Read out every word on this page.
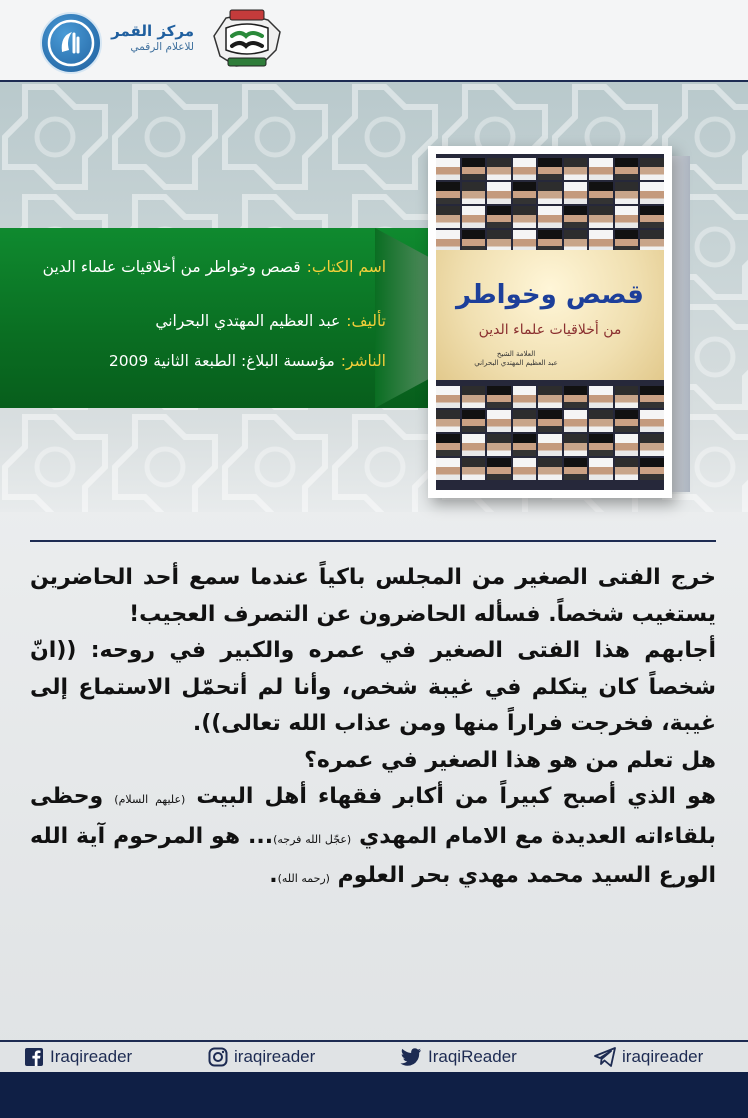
مركز القمر
للاعلام الرقمي
اسم الكتاب:قصص وخواطر من أخلاقيات علماء الدين
تأليف:عبد العظيم المهتدي البحراني
الناشر:مؤسسة البلاغ: الطبعة الثانية 2009
قصص وخواطر
من أخلاقيات علماء الدين
العلامة الشيخ
عبد العظيم المهتدي البحراني

خرج الفتى الصغير من المجلس باكياً عندما سمع أحد الحاضرين يستغيب شخصاً. فسأله الحاضرون عن التصرف العجيب!

أجابهم هذا الفتى الصغير في عمره والكبير في روحه: ((انّ شخصاً كان يتكلم في غيبة شخص، وأنا لم أتحمّل الاستماع إلى غيبة، فخرجت فراراً منها ومن عذاب الله تعالى)).

هل تعلم من هو هذا الصغير في عمره؟

هو الذي أصبح كبيراً من أكابر فقهاء أهل البيت (عليهم السلام) وحظى بلقاءاته العديدة مع الامام المهدي (عجّل الله فرجه)... هو المرحوم آية الله الورع السيد محمد مهدي بحر العلوم (رحمه الله).

Iraqireader	iraqireader	IraqiReader	iraqireader
